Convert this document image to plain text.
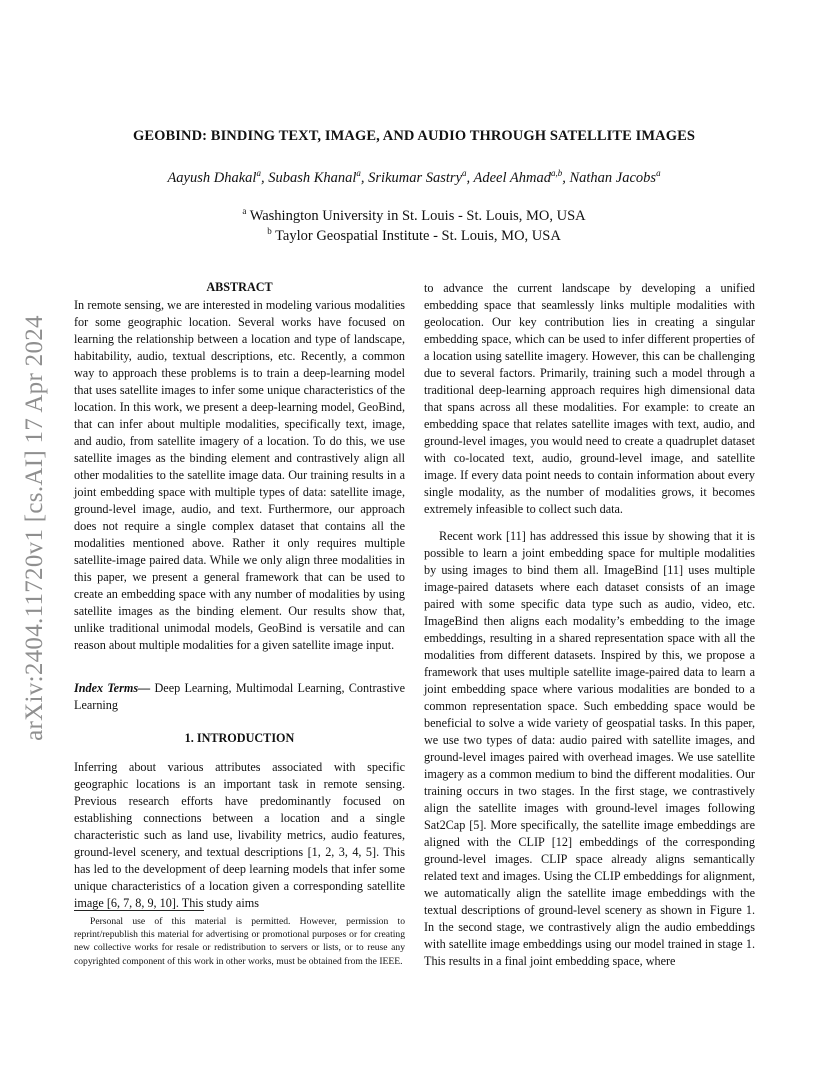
arXiv:2404.11720v1 [cs.AI] 17 Apr 2024
GEOBIND: BINDING TEXT, IMAGE, AND AUDIO THROUGH SATELLITE IMAGES
Aayush Dhakal$^a$, Subash Khanal$^a$, Srikumar Sastry$^a$, Adeel Ahmad$^{a,b}$, Nathan Jacobs$^a$
$^a$ Washington University in St. Louis - St. Louis, MO, USA
$^b$ Taylor Geospatial Institute - St. Louis, MO, USA
ABSTRACT

In remote sensing, we are interested in modeling various modalities for some geographic location. Several works have focused on learning the relationship between a location and type of landscape, habitability, audio, textual descriptions, etc. Recently, a common way to approach these problems is to train a deep-learning model that uses satellite images to infer some unique characteristics of the location. In this work, we present a deep-learning model, GeoBind, that can infer about multiple modalities, specifically text, image, and audio, from satellite imagery of a location. To do this, we use satellite images as the binding element and contrastively align all other modalities to the satellite image data. Our training results in a joint embedding space with multiple types of data: satellite image, ground-level image, audio, and text. Furthermore, our approach does not require a single complex dataset that contains all the modalities mentioned above. Rather it only requires multiple satellite-image paired data. While we only align three modalities in this paper, we present a general framework that can be used to create an embedding space with any number of modalities by using satellite images as the binding element. Our results show that, unlike traditional unimodal models, GeoBind is versatile and can reason about multiple modalities for a given satellite image input.

Index Terms— Deep Learning, Multimodal Learning, Contrastive Learning

1. INTRODUCTION

Inferring about various attributes associated with specific geographic locations is an important task in remote sensing. Previous research efforts have predominantly focused on establishing connections between a location and a single characteristic such as land use, livability metrics, audio features, ground-level scenery, and textual descriptions [1, 2, 3, 4, 5]. This has led to the development of deep learning models that infer some unique characteristics of a location given a corresponding satellite image [6, 7, 8, 9, 10]. This study aims

Personal use of this material is permitted. However, permission to reprint/republish this material for advertising or promotional purposes or for creating new collective works for resale or redistribution to servers or lists, or to reuse any copyrighted component of this work in other works, must be obtained from the IEEE.

to advance the current landscape by developing a unified embedding space that seamlessly links multiple modalities with geolocation. Our key contribution lies in creating a singular embedding space, which can be used to infer different properties of a location using satellite imagery. However, this can be challenging due to several factors. Primarily, training such a model through a traditional deep-learning approach requires high dimensional data that spans across all these modalities. For example: to create an embedding space that relates satellite images with text, audio, and ground-level images, you would need to create a quadruplet dataset with co-located text, audio, ground-level image, and satellite image. If every data point needs to contain information about every single modality, as the number of modalities grows, it becomes extremely infeasible to collect such data.

Recent work [11] has addressed this issue by showing that it is possible to learn a joint embedding space for multiple modalities by using images to bind them all. ImageBind [11] uses multiple image-paired datasets where each dataset consists of an image paired with some specific data type such as audio, video, etc. ImageBind then aligns each modality’s embedding to the image embeddings, resulting in a shared representation space with all the modalities from different datasets. Inspired by this, we propose a framework that uses multiple satellite image-paired data to learn a joint embedding space where various modalities are bonded to a common representation space. Such embedding space would be beneficial to solve a wide variety of geospatial tasks. In this paper, we use two types of data: audio paired with satellite images, and ground-level images paired with overhead images. We use satellite imagery as a common medium to bind the different modalities. Our training occurs in two stages. In the first stage, we contrastively align the satellite images with ground-level images following Sat2Cap [5]. More specifically, the satellite image embeddings are aligned with the CLIP [12] embeddings of the corresponding ground-level images. CLIP space already aligns semantically related text and images. Using the CLIP embeddings for alignment, we automatically align the satellite image embeddings with the textual descriptions of ground-level scenery as shown in Figure 1. In the second stage, we contrastively align the audio embeddings with satellite image embeddings using our model trained in stage 1. This results in a final joint embedding space, where
